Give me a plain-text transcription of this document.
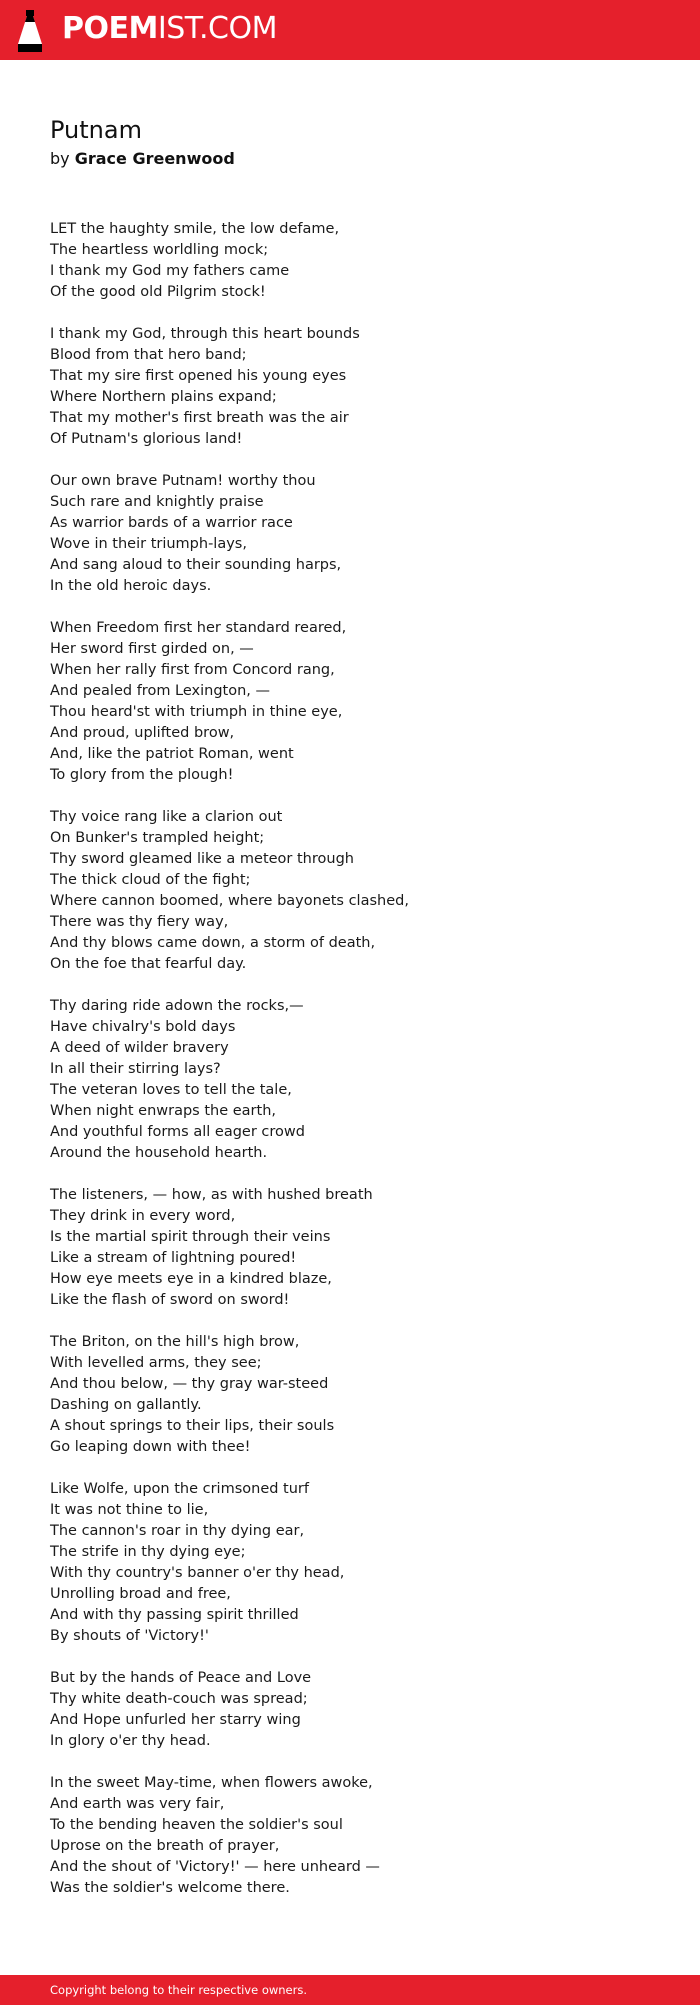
POEMIST.COM
Putnam
by Grace Greenwood
LET the haughty smile, the low defame,
The heartless worldling mock;
I thank my God my fathers came
Of the good old Pilgrim stock!
I thank my God, through this heart bounds
Blood from that hero band;
That my sire first opened his young eyes
Where Northern plains expand;
That my mother's first breath was the air
Of Putnam's glorious land!
Our own brave Putnam! worthy thou
Such rare and knightly praise
As warrior bards of a warrior race
Wove in their triumph-lays,
And sang aloud to their sounding harps,
In the old heroic days.
When Freedom first her standard reared,
Her sword first girded on, —
When her rally first from Concord rang,
And pealed from Lexington, —
Thou heard'st with triumph in thine eye,
And proud, uplifted brow,
And, like the patriot Roman, went
To glory from the plough!
Thy voice rang like a clarion out
On Bunker's trampled height;
Thy sword gleamed like a meteor through
The thick cloud of the fight;
Where cannon boomed, where bayonets clashed,
There was thy fiery way,
And thy blows came down, a storm of death,
On the foe that fearful day.
Thy daring ride adown the rocks,—
Have chivalry's bold days
A deed of wilder bravery
In all their stirring lays?
The veteran loves to tell the tale,
When night enwraps the earth,
And youthful forms all eager crowd
Around the household hearth.
The listeners, — how, as with hushed breath
They drink in every word,
Is the martial spirit through their veins
Like a stream of lightning poured!
How eye meets eye in a kindred blaze,
Like the flash of sword on sword!
The Briton, on the hill's high brow,
With levelled arms, they see;
And thou below, — thy gray war-steed
Dashing on gallantly.
A shout springs to their lips, their souls
Go leaping down with thee!
Like Wolfe, upon the crimsoned turf
It was not thine to lie,
The cannon's roar in thy dying ear,
The strife in thy dying eye;
With thy country's banner o'er thy head,
Unrolling broad and free,
And with thy passing spirit thrilled
By shouts of 'Victory!'
But by the hands of Peace and Love
Thy white death-couch was spread;
And Hope unfurled her starry wing
In glory o'er thy head.
In the sweet May-time, when flowers awoke,
And earth was very fair,
To the bending heaven the soldier's soul
Uprose on the breath of prayer,
And the shout of 'Victory!' — here unheard —
Was the soldier's welcome there.
Copyright belong to their respective owners.
